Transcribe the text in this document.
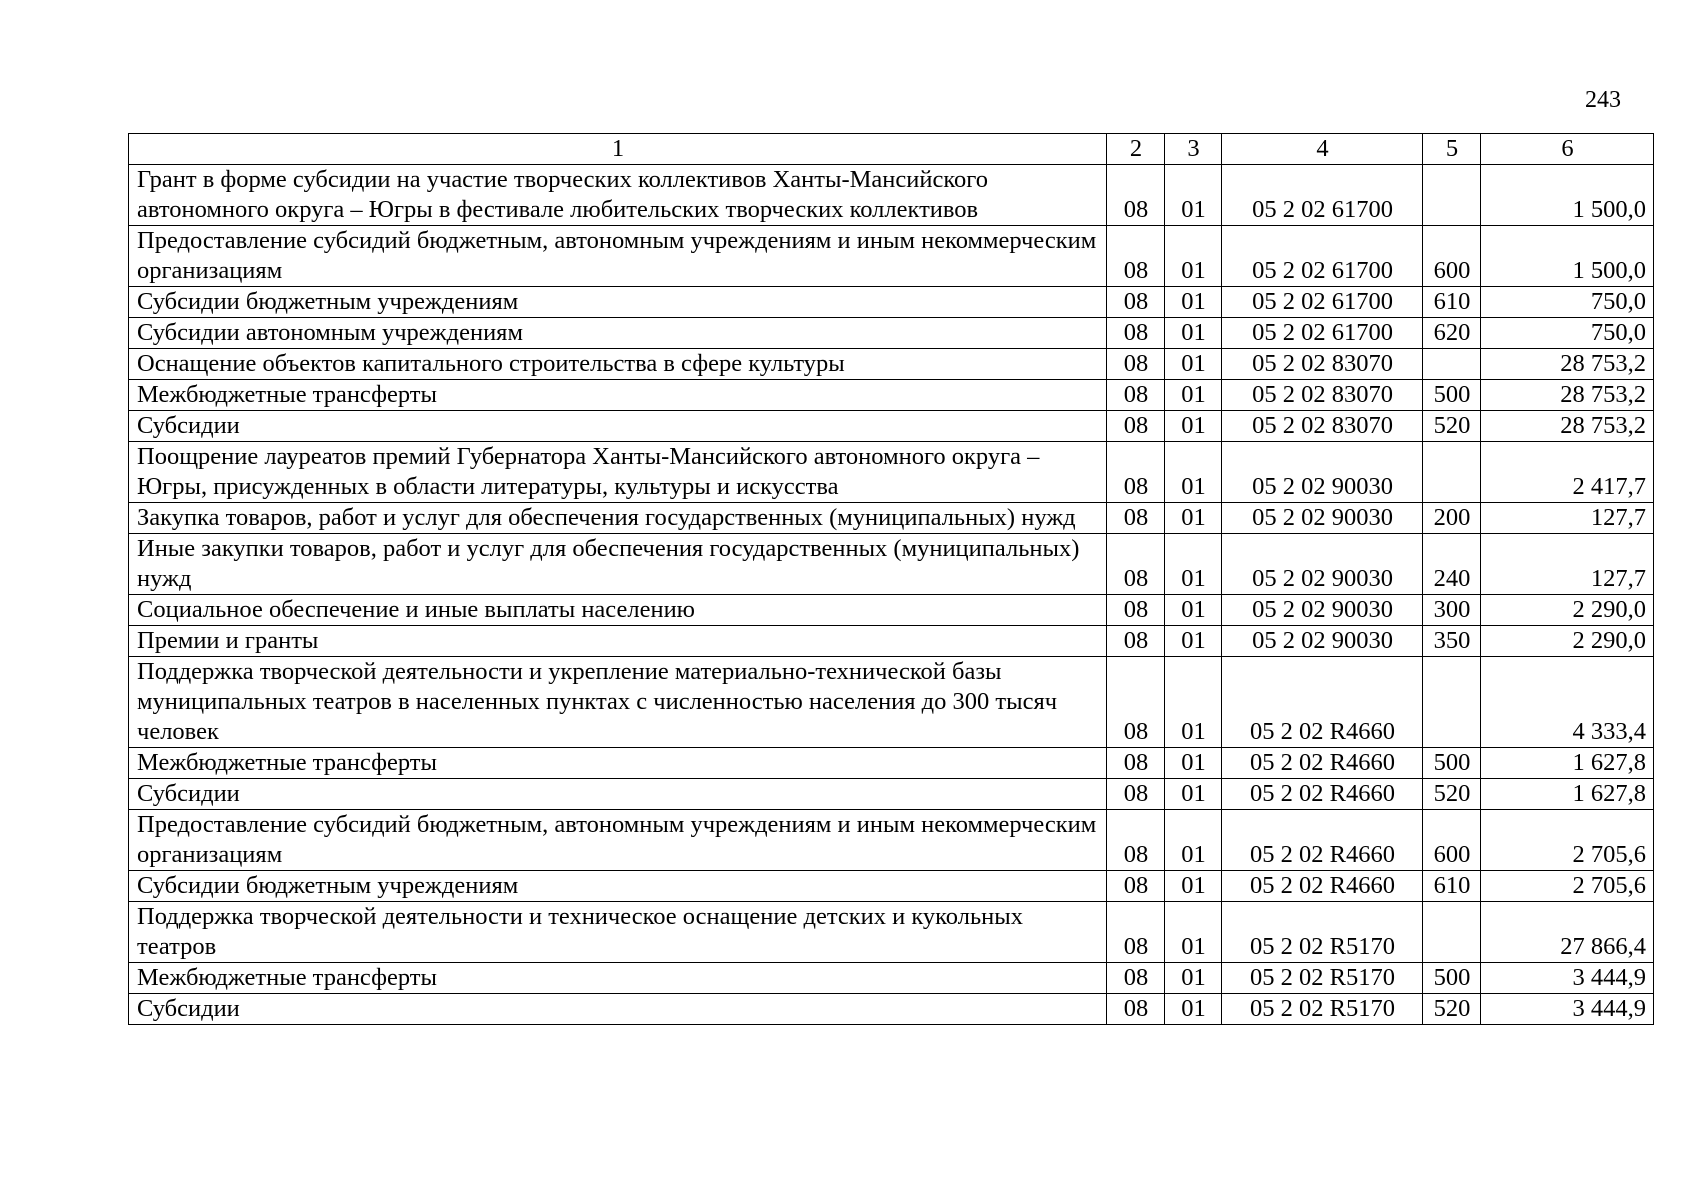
243
1	2	3	4	5	6
Грант в форме субсидии на участие творческих коллективов Ханты-Мансийского автономного округа – Югры в фестивале любительских творческих коллективов	08	01	05 2 02 61700		1 500,0
Предоставление субсидий бюджетным, автономным учреждениям и иным некоммерческим организациям	08	01	05 2 02 61700	600	1 500,0
Субсидии бюджетным учреждениям	08	01	05 2 02 61700	610	750,0
Субсидии автономным учреждениям	08	01	05 2 02 61700	620	750,0
Оснащение объектов капитального строительства в сфере культуры	08	01	05 2 02 83070		28 753,2
Межбюджетные трансферты	08	01	05 2 02 83070	500	28 753,2
Субсидии	08	01	05 2 02 83070	520	28 753,2
Поощрение лауреатов премий Губернатора Ханты-Мансийского автономного округа – Югры, присужденных в области литературы, культуры и искусства	08	01	05 2 02 90030		2 417,7
Закупка товаров, работ и услуг для обеспечения государственных (муниципальных) нужд	08	01	05 2 02 90030	200	127,7
Иные закупки товаров, работ и услуг для обеспечения государственных (муниципальных) нужд	08	01	05 2 02 90030	240	127,7
Социальное обеспечение и иные выплаты населению	08	01	05 2 02 90030	300	2 290,0
Премии и гранты	08	01	05 2 02 90030	350	2 290,0
Поддержка творческой деятельности и укрепление материально-технической базы муниципальных театров в населенных пунктах с численностью населения до 300 тысяч человек	08	01	05 2 02 R4660		4 333,4
Межбюджетные трансферты	08	01	05 2 02 R4660	500	1 627,8
Субсидии	08	01	05 2 02 R4660	520	1 627,8
Предоставление субсидий бюджетным, автономным учреждениям и иным некоммерческим организациям	08	01	05 2 02 R4660	600	2 705,6
Субсидии бюджетным учреждениям	08	01	05 2 02 R4660	610	2 705,6
Поддержка творческой деятельности и техническое оснащение детских и кукольных театров	08	01	05 2 02 R5170		27 866,4
Межбюджетные трансферты	08	01	05 2 02 R5170	500	3 444,9
Субсидии	08	01	05 2 02 R5170	520	3 444,9
